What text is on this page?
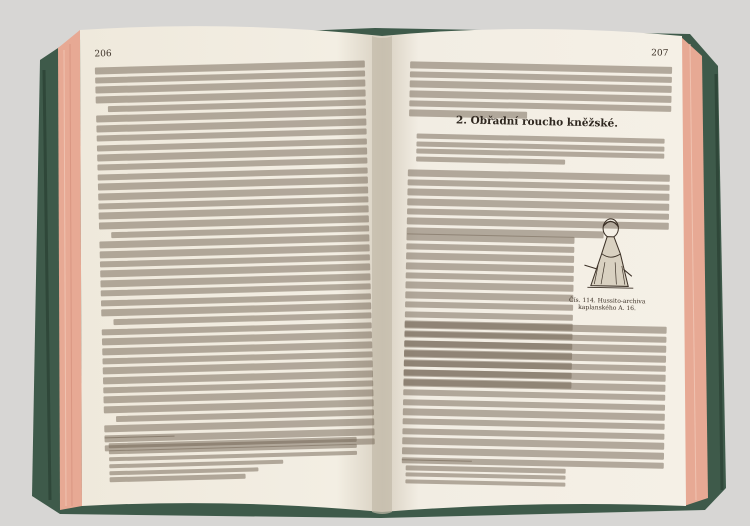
206	207
2. Obřadní roucho kněžské.
Čís. 114. Hussito-archiva kaplanského A. 16.
